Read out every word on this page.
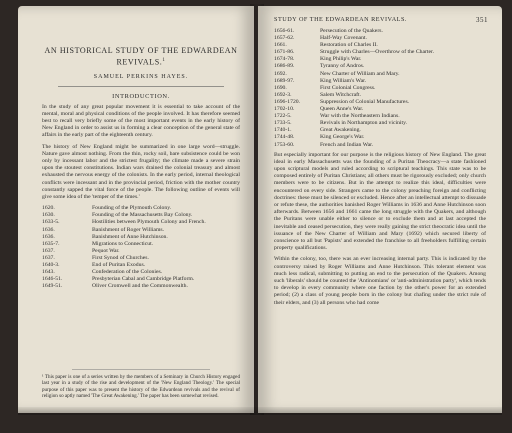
AN HISTORICAL STUDY OF THE EDWARDEAN REVIVALS.$^1$
SAMUEL PERKINS HAYES.
INTRODUCTION.

In the study of any great popular movement it is essential to take account of the mental, moral and physical conditions of the people involved. It has therefore seemed best to recall very briefly some of the most important events in the early history of New England in order to assist us in forming a clear conception of the general state of affairs in the early part of the eighteenth century.

The history of New England might be summarized in one large word—struggle. Nature gave almost nothing. From the thin, rocky soil, bare subsistence could be won only by incessant labor and the strictest frugality; the climate made a severe strain upon the stoutest constitutions. Indian wars drained the colonial treasury and almost exhausted the nervous energy of the colonists. In the early period, internal theological conflicts were incessant and in the provincial period, friction with the mother country constantly sapped the vital force of the people. The following outline of events will give some idea of the 'temper of the times.'

1620.	Founding of the Plymouth Colony.
1630.	Founding of the Massachusetts Bay Colony.
1633-5.	Hostilities between Plymouth Colony and French.
1636.	Banishment of Roger Williams.
1636.	Banishment of Anne Hutchinson.
1635-7.	Migrations to Connecticut.
1637.	Pequot War.
1637.	First Synod of Churches.
1640-3.	End of Puritan Exodus.
1643.	Confederation of the Colonies.
1646-51.	Presbyterian Cabal and Cambridge Platform.
1649-51.	Oliver Cromwell and the Commonwealth.
¹ This paper is one of a series written by the members of a Seminary in Church History engaged last year in a study of the rise and development of the 'New England Theology.' The special purpose of this paper was to present the history of the Edwardean revivals and the revival of religion so aptly named 'The Great Awakening.' The paper has been somewhat revised.
STUDY OF THE EDWARDEAN REVIVALS.	351
1656-61.	Persecution of the Quakers.
1657-62.	Half-Way Covenant.
1661.	Restoration of Charles II.
1671-86.	Struggle with Charles—Overthrow of the Charter.
1674-78.	King Philip's War.
1686-89.	Tyranny of Andros.
1692.	New Charter of William and Mary.
1689-97.	King William's War.
1690.	First Colonial Congress.
1692-3.	Salem Witchcraft.
1696-1720.	Suppression of Colonial Manufactures.
1702-10.	Queen Anne's War.
1722-5.	War with the Northeastern Indians.
1733-5.	Revivals in Northampton and vicinity.
1740-1.	Great Awakening.
1744-48.	King George's War.
1753-60.	French and Indian War.

But especially important for our purpose is the religious history of New England. The great ideal in early Massachusetts was the founding of a Puritan Theocracy—a state fashioned upon scriptural models and ruled according to scriptural teachings. This state was to be composed entirely of Puritan Christians; all others must be rigorously excluded; only church members were to be citizens. But in the attempt to realize this ideal, difficulties were encountered on every side. Strangers came to the colony preaching foreign and conflicting doctrines: these must be silenced or excluded. Hence after an intellectual attempt to dissuade or refute these, the authorities banished Roger Williams in 1636 and Anne Hutchinson soon afterwards. Between 1656 and 1661 came the long struggle with the Quakers, and although the Puritans were unable either to silence or to exclude them and at last accepted the inevitable and ceased persecution, they were really gaining the strict theocratic idea until the issuance of the New Charter of William and Mary (1692) which secured liberty of conscience to all but 'Papists' and extended the franchise to all freeholders fulfilling certain property qualifications.

Within the colony, too, there was an ever increasing internal party. This is indicated by the controversy raised by Roger Williams and Anne Hutchinson. This tolerant element was much less radical, submitting to putting an end to the persecution of the Quakers. Among such 'liberals' should be counted the 'Antinomians' or 'anti-administration party', which tends to develop in every community where one faction by the other's power for an extended period; (2) a class of young people born in the colony but chafing under the strict rule of their elders, and (3) all persons who had come
